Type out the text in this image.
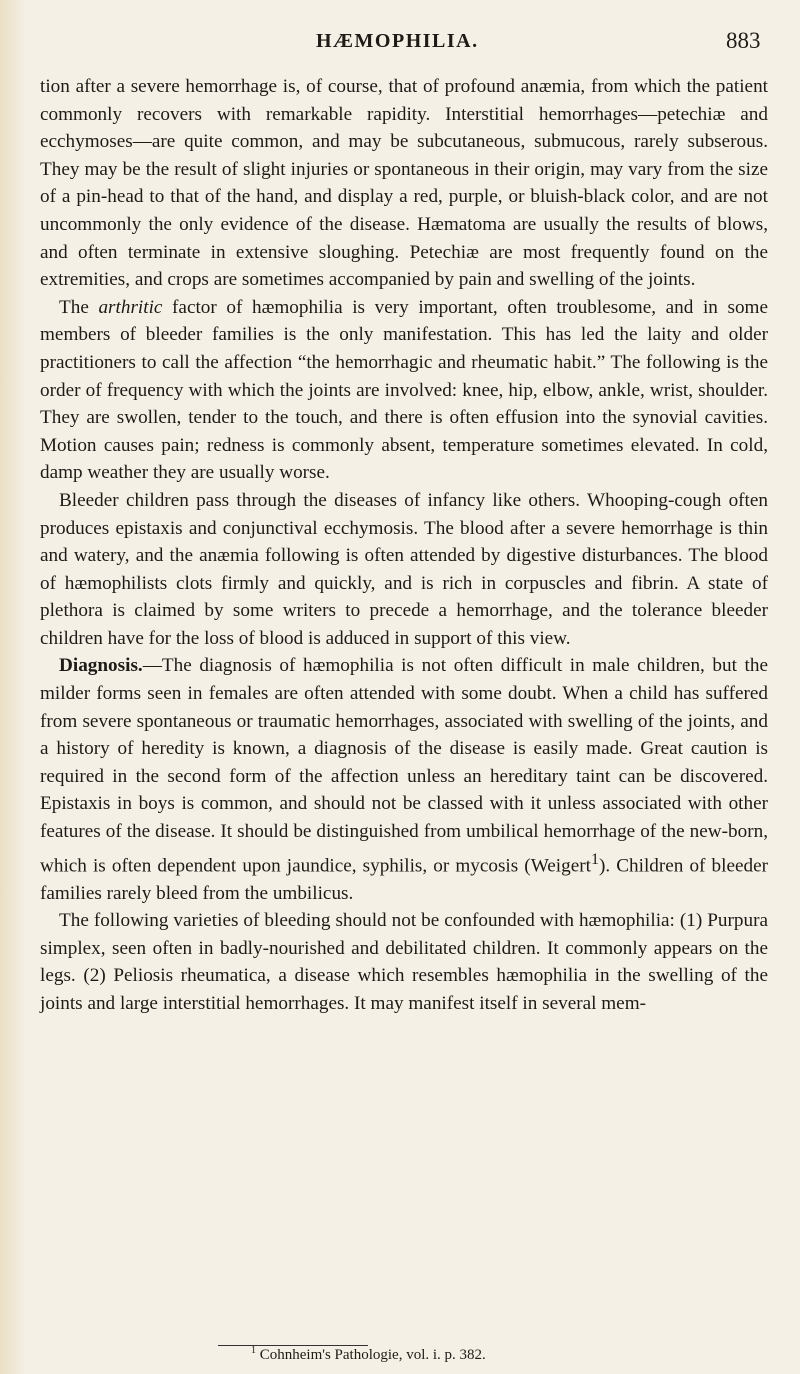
HÆMOPHILIA.	883

tion after a severe hemorrhage is, of course, that of profound anæmia, from which the patient commonly recovers with remarkable rapidity. Interstitial hemorrhages—petechiæ and ecchymoses—are quite common, and may be subcutaneous, submucous, rarely subserous. They may be the result of slight injuries or spontaneous in their origin, may vary from the size of a pin-head to that of the hand, and display a red, purple, or bluish-black color, and are not uncommonly the only evidence of the disease. Hæmatoma are usually the results of blows, and often terminate in extensive sloughing. Petechiæ are most frequently found on the extremities, and crops are sometimes accompanied by pain and swelling of the joints.

The arthritic factor of hæmophilia is very important, often troublesome, and in some members of bleeder families is the only manifestation. This has led the laity and older practitioners to call the affection “the hemorrhagic and rheumatic habit.” The following is the order of frequency with which the joints are involved: knee, hip, elbow, ankle, wrist, shoulder. They are swollen, tender to the touch, and there is often effusion into the synovial cavities. Motion causes pain; redness is commonly absent, temperature sometimes elevated. In cold, damp weather they are usually worse.

Bleeder children pass through the diseases of infancy like others. Whooping-cough often produces epistaxis and conjunctival ecchymosis. The blood after a severe hemorrhage is thin and watery, and the anæmia following is often attended by digestive disturbances. The blood of hæmophilists clots firmly and quickly, and is rich in corpuscles and fibrin. A state of plethora is claimed by some writers to precede a hemorrhage, and the tolerance bleeder children have for the loss of blood is adduced in support of this view.

Diagnosis.—The diagnosis of hæmophilia is not often difficult in male children, but the milder forms seen in females are often attended with some doubt. When a child has suffered from severe spontaneous or traumatic hemorrhages, associated with swelling of the joints, and a history of heredity is known, a diagnosis of the disease is easily made. Great caution is required in the second form of the affection unless an hereditary taint can be discovered. Epistaxis in boys is common, and should not be classed with it unless associated with other features of the disease. It should be distinguished from umbilical hemorrhage of the new-born, which is often dependent upon jaundice, syphilis, or mycosis (Weigert$^1$). Children of bleeder families rarely bleed from the umbilicus.

The following varieties of bleeding should not be confounded with hæmophilia: (1) Purpura simplex, seen often in badly-nourished and debilitated children. It commonly appears on the legs. (2) Peliosis rheumatica, a disease which resembles hæmophilia in the swelling of the joints and large interstitial hemorrhages. It may manifest itself in several mem-

$^1$ Cohnheim's Pathologie, vol. i. p. 382.
